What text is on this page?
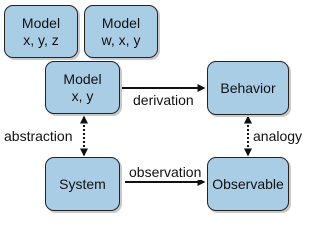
Model
x, y, z
Model
w, x, y
Model
x, y	Behavior
System	Observable
derivation
abstraction	analogy
observation
